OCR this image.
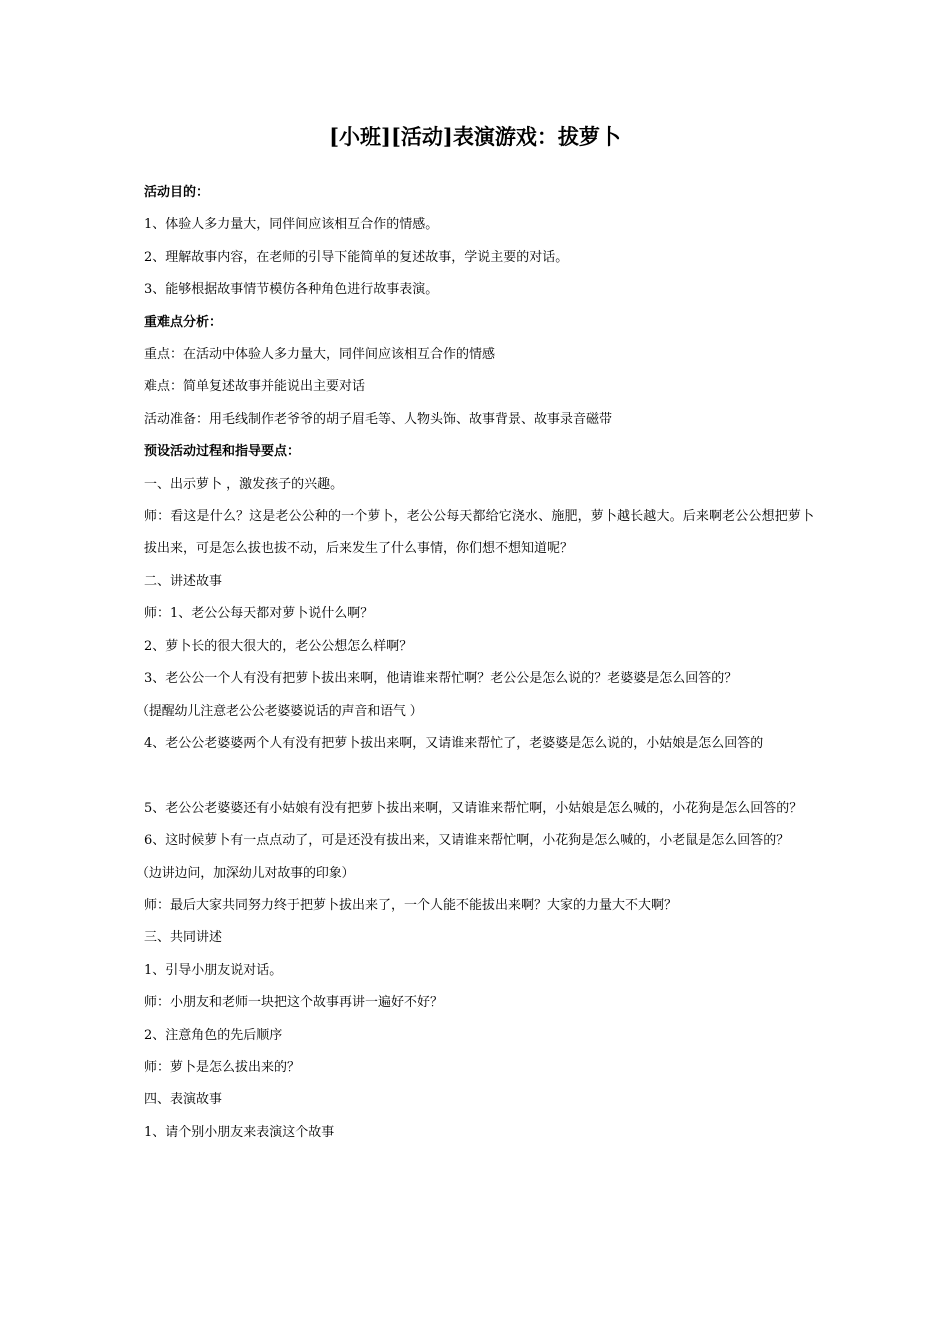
[小班][活动]表演游戏：拔萝卜
活动目的：
1、体验人多力量大，同伴间应该相互合作的情感。
2、理解故事内容，在老师的引导下能简单的复述故事，学说主要的对话。
3、能够根据故事情节模仿各种角色进行故事表演。
重难点分析：
重点：在活动中体验人多力量大，同伴间应该相互合作的情感
难点：简单复述故事并能说出主要对话
活动准备：用毛线制作老爷爷的胡子眉毛等、人物头饰、故事背景、故事录音磁带
预设活动过程和指导要点：
一、出示萝卜 ，激发孩子的兴趣。
师：看这是什么？这是老公公种的一个萝卜，老公公每天都给它浇水、施肥，萝卜越长越大。后来啊老公公想把萝卜拔出来，可是怎么拔也拔不动，后来发生了什么事情，你们想不想知道呢？
二、讲述故事
师：1、老公公每天都对萝卜说什么啊？
2、萝卜长的很大很大的，老公公想怎么样啊？
3、老公公一个人有没有把萝卜拔出来啊，他请谁来帮忙啊？老公公是怎么说的？老婆婆是怎么回答的？
（提醒幼儿注意老公公老婆婆说话的声音和语气 ）
4、老公公老婆婆两个人有没有把萝卜拔出来啊，又请谁来帮忙了，老婆婆是怎么说的，小姑娘是怎么回答的
5、老公公老婆婆还有小姑娘有没有把萝卜拔出来啊，又请谁来帮忙啊，小姑娘是怎么喊的，小花狗是怎么回答的？
6、这时候萝卜有一点点动了，可是还没有拔出来，又请谁来帮忙啊，小花狗是怎么喊的，小老鼠是怎么回答的？
（边讲边问，加深幼儿对故事的印象）
师：最后大家共同努力终于把萝卜拔出来了，一个人能不能拔出来啊？大家的力量大不大啊？
三、共同讲述
1、引导小朋友说对话。
师：小朋友和老师一块把这个故事再讲一遍好不好？
2、注意角色的先后顺序
师：萝卜是怎么拔出来的？
四、表演故事
1、请个别小朋友来表演这个故事
